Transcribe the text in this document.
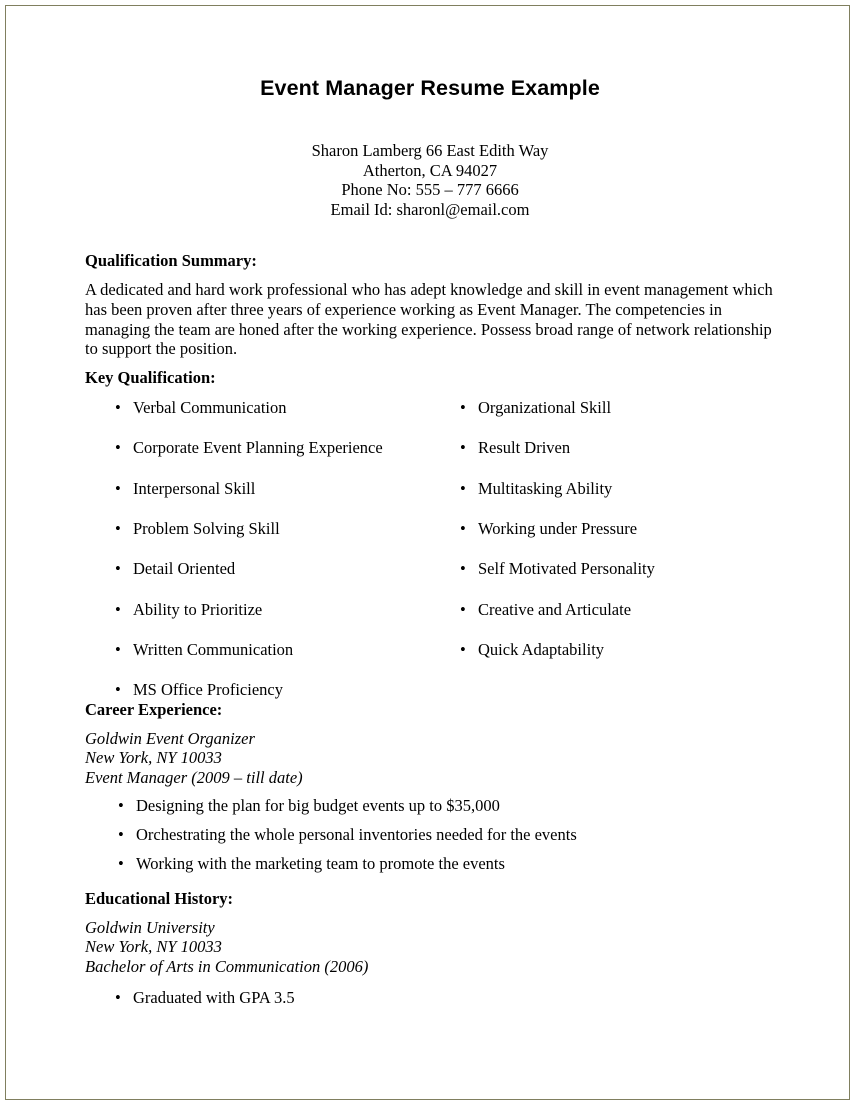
Event Manager Resume Example
Sharon Lamberg 66 East Edith Way
Atherton, CA 94027
Phone No: 555 – 777 6666
Email Id: sharonl@email.com
Qualification Summary:

A dedicated and hard work professional who has adept knowledge and skill in event management which has been proven after three years of experience working as Event Manager. The competencies in managing the team are honed after the working experience. Possess broad range of network relationship to support the position.

Key Qualification:
• Verbal Communication
• Corporate Event Planning Experience
• Interpersonal Skill
• Problem Solving Skill
• Detail Oriented
• Ability to Prioritize
• Written Communication
• MS Office Proficiency
• Organizational Skill
• Result Driven
• Multitasking Ability
• Working under Pressure
• Self Motivated Personality
• Creative and Articulate
• Quick Adaptability
Career Experience:
Goldwin Event Organizer
New York, NY 10033
Event Manager (2009 – till date)
• Designing the plan for big budget events up to $35,000
• Orchestrating the whole personal inventories needed for the events
• Working with the marketing team to promote the events
Educational History:
Goldwin University
New York, NY 10033
Bachelor of Arts in Communication (2006)
• Graduated with GPA 3.5
